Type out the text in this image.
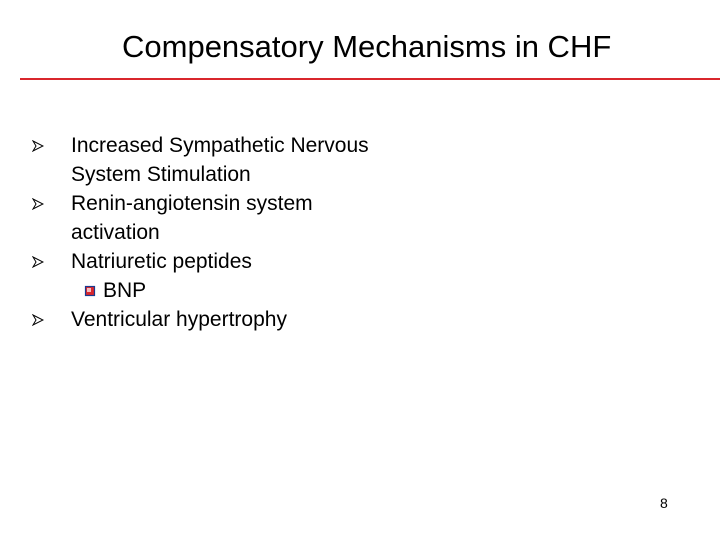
Compensatory Mechanisms in CHF
Increased Sympathetic Nervous System Stimulation
Renin-angiotensin system activation
Natriuretic peptides
BNP
Ventricular hypertrophy
8
